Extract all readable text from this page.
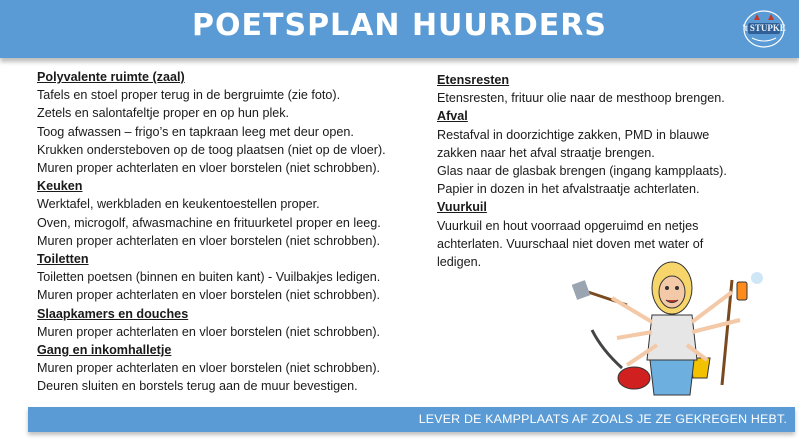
POETSPLAN HUURDERS	't STUPKE
Polyvalente ruimte (zaal)
Tafels en stoel proper terug in de bergruimte (zie foto).
Zetels en salontafeltje proper en op hun plek.
Toog afwassen – frigo’s en tapkraan leeg met deur open.
Krukken ondersteboven op de toog plaatsen (niet op de vloer).
Muren proper achterlaten en vloer borstelen (niet schrobben).
Keuken
Werktafel, werkbladen en keukentoestellen proper.
Oven, microgolf, afwasmachine en frituurketel proper en leeg.
Muren proper achterlaten en vloer borstelen (niet schrobben).
Toiletten
Toiletten poetsen (binnen en buiten kant) - Vuilbakjes ledigen.
Muren proper achterlaten en vloer borstelen (niet schrobben).
Slaapkamers en douches
Muren proper achterlaten en vloer borstelen (niet schrobben).
Gang en inkomhalletje
Muren proper achterlaten en vloer borstelen (niet schrobben).
Deuren sluiten en borstels terug aan de muur bevestigen.
Etensresten
Etensresten, frituur olie naar de mesthoop brengen.
Afval
Restafval in doorzichtige zakken, PMD in blauwe
zakken naar het afval straatje brengen.
Glas naar de glasbak brengen (ingang kampplaats).
Papier in dozen in het afvalstraatje achterlaten.
Vuurkuil
Vuurkuil en hout voorraad opgeruimd en netjes
achterlaten. Vuurschaal niet doven met water of
ledigen.
LEVER DE KAMPPLAATS AF ZOALS JE ZE GEKREGEN HEBT.
